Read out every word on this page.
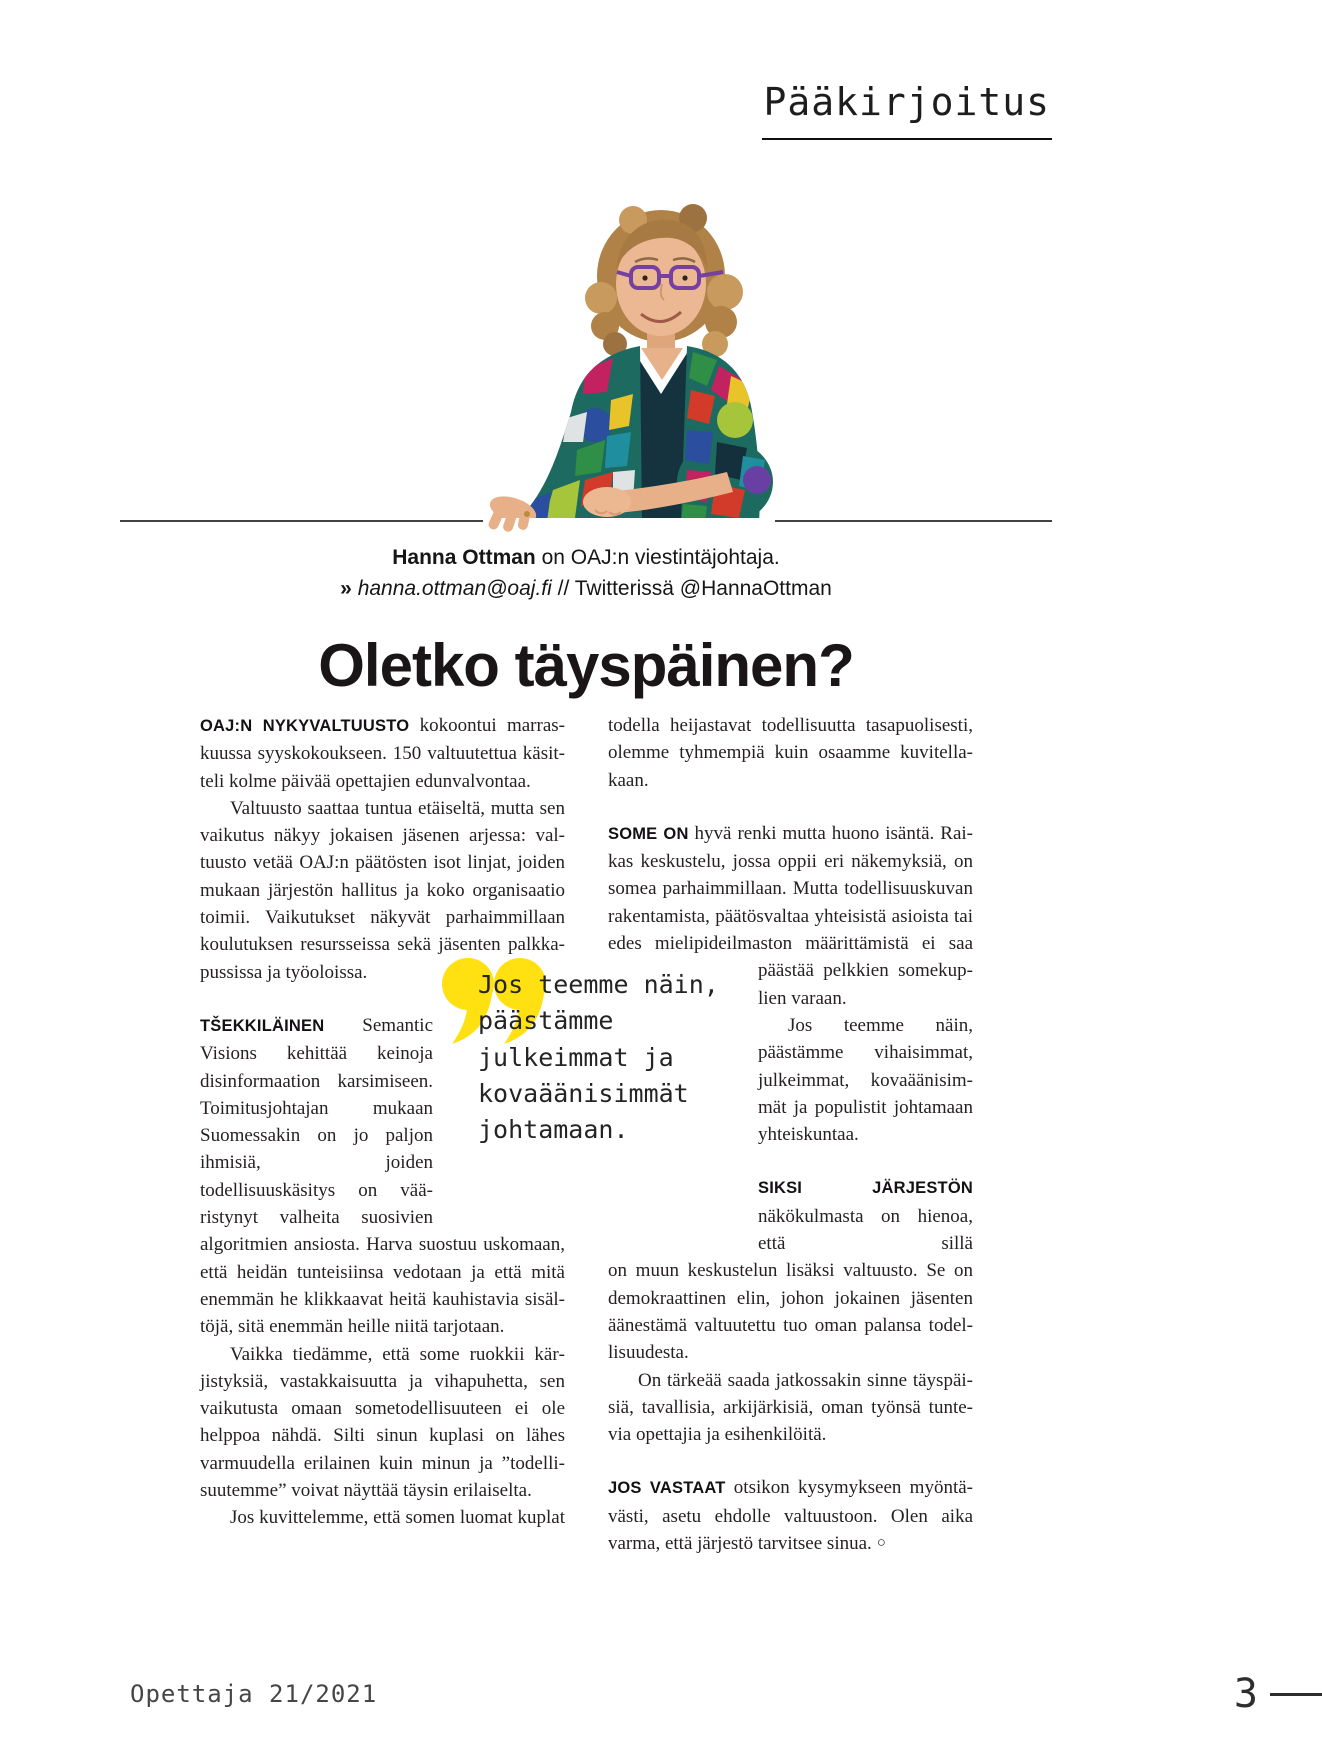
Pääkirjoitus
Hanna Ottman on OAJ:n viestintäjohtaja.
» hanna.ottman@oaj.fi // Twitterissä @HannaOttman
Oletko täyspäinen?

OAJ:N NYKYVALTUUSTO kokoontui marraskuussa syyskokoukseen. 150 valtuutettua käsitteli kolme päivää opettajien edunvalvontaa.

Valtuusto saattaa tuntua etäiseltä, mutta sen vaikutus näkyy jokaisen jäsenen arjessa: valtuusto vetää OAJ:n päätösten isot linjat, joiden mukaan järjestön hallitus ja koko organisaatio toimii. Vaikutukset näkyvät parhaimmillaan koulutuksen resursseissa sekä jäsenten palkkapussissa ja työoloissa.

TŠEKKILÄINEN Semantic Visions kehittää keinoja disinformaation karsimiseen. Toimitusjohtajan mukaan Suomessakin on jo paljon ihmisiä, joiden todellisuuskäsitys on vääristynyt valheita suosivien algoritmien ansiosta. Harva suostuu uskomaan, että heidän tunteisiinsa vedotaan ja että mitä enemmän he klikkaavat heitä kauhistavia sisältöjä, sitä enemmän heille niitä tarjotaan.

Vaikka tiedämme, että some ruokkii kärjistyksiä, vastakkaisuutta ja vihapuhetta, sen vaikutusta omaan sometodellisuuteen ei ole helppoa nähdä. Silti sinun kuplasi on lähes varmuudella erilainen kuin minun ja ”todellisuutemme” voivat näyttää täysin erilaiselta.

Jos kuvittelemme, että somen luomat kuplat

todella heijastavat todellisuutta tasapuolisesti, olemme tyhmempiä kuin osaamme kuvitellakaan.

SOME ON hyvä renki mutta huono isäntä. Raikas keskustelu, jossa oppii eri näkemyksiä, on somea parhaimmillaan. Mutta todellisuuskuvan rakentamista, päätösvaltaa yhteisistä asioista tai edes mielipideilmaston määrittämistä ei saa

päästää pelkkien somekuplien varaan.

Jos teemme näin, päästämme vihaisimmat, julkeimmat, kovaäänisimmät ja populistit johtamaan yhteiskuntaa.

SIKSI JÄRJESTÖN näkökulmasta on hienoa, että sillä

on muun keskustelun lisäksi valtuusto. Se on demokraattinen elin, johon jokainen jäsenten äänestämä valtuutettu tuo oman palansa todellisuudesta.

On tärkeää saada jatkossakin sinne täyspäisiä, tavallisia, arkijärkisiä, oman työnsä tuntevia opettajia ja esihenkilöitä.

JOS VASTAAT otsikon kysymykseen myöntävästi, asetu ehdolle valtuustoon. Olen aika varma, että järjestö tarvitsee sinua. ○

Jos teemme näin,
päästämme
julkeimmat ja
kovaäänisimmät
johtamaan.
Opettaja 21/2021	3
